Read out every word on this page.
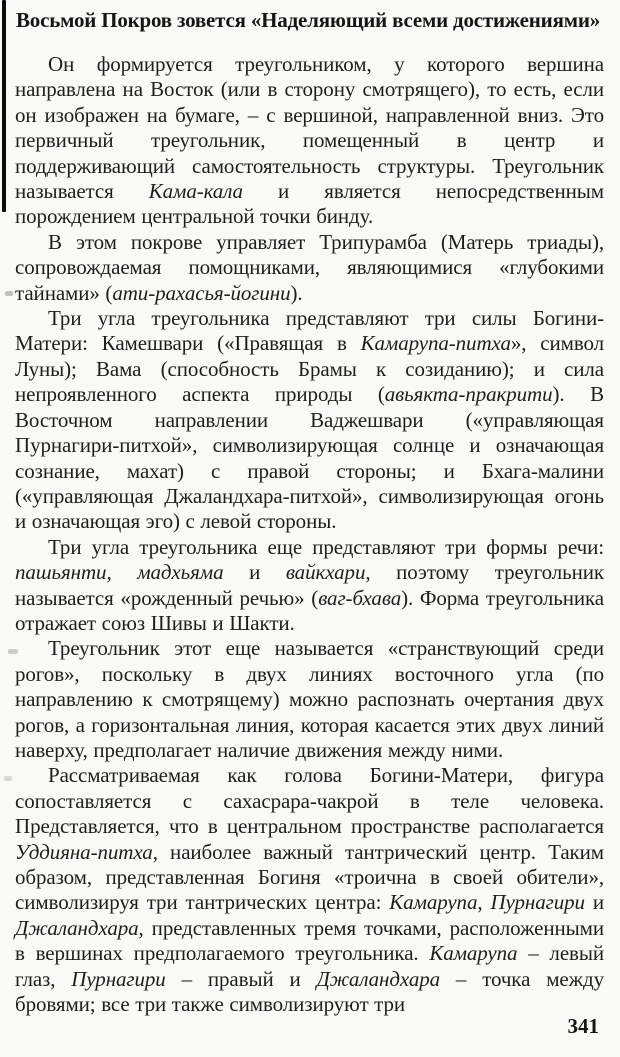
Восьмой Покров зовется «Наделяющий всеми достижениями»

Он формируется треугольником, у которого вершина направлена на Восток (или в сторону смотрящего), то есть, если он изображен на бумаге, – с вершиной, направленной вниз. Это первичный треугольник, помещенный в центр и поддерживающий самостоятельность структуры. Треугольник называется Кама-кала и является непосредственным порождением центральной точки бинду.

В этом покрове управляет Трипурамба (Матерь триады), сопровождаемая помощниками, являющимися «глубокими тайнами» (ати-рахасья-йогини).

Три угла треугольника представляют три силы Богини-Матери: Камешвари («Правящая в Камарупа-питха», символ Луны); Вама (способность Брамы к созиданию); и сила непроявленного аспекта природы (авьякта-пракрити). В Восточном направлении Ваджешвари («управляющая Пурнагири-питхой», символизирующая солнце и означающая сознание, махат) с правой стороны; и Бхага-малини («управляющая Джаландхара-питхой», символизирующая огонь и означающая эго) с левой стороны.

Три угла треугольника еще представляют три формы речи: пашьянти, мадхьяма и вайкхари, поэтому треугольник называется «рожденный речью» (ваг-бхава). Форма треугольника отражает союз Шивы и Шакти.

Треугольник этот еще называется «странствующий среди рогов», поскольку в двух линиях восточного угла (по направлению к смотрящему) можно распознать очертания двух рогов, а горизонтальная линия, которая касается этих двух линий наверху, предполагает наличие движения между ними.

Рассматриваемая как голова Богини-Матери, фигура сопоставляется с сахасрара-чакрой в теле человека. Представляется, что в центральном пространстве располагается Уддияна-питха, наиболее важный тантрический центр. Таким образом, представленная Богиня «троична в своей обители», символизируя три тантрических центра: Камарупа, Пурнагири и Джаландхара, представленных тремя точками, расположенными в вершинах предполагаемого треугольника. Камарупа – левый глаз, Пурнагири – правый и Джаландхара – точка между бровями; все три также символизируют три

341
